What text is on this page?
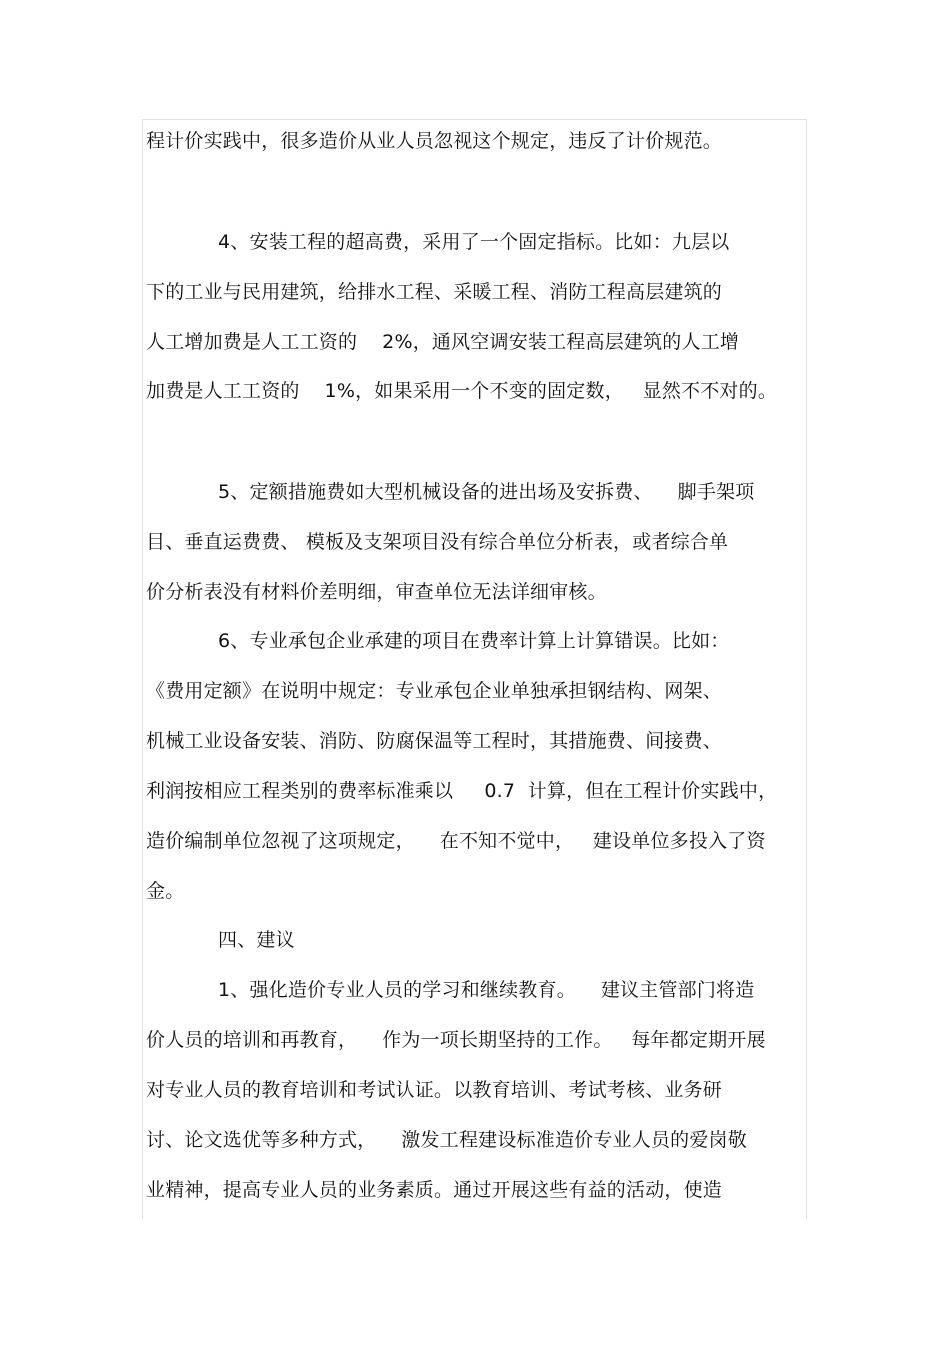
程计价实践中，很多造价从业人员忽视这个规定，违反了计价规范。
4、安装工程的超高费，采用了一个固定指标。比如：九层以
下的工业与民用建筑，给排水工程、采暖工程、消防工程高层建筑的
人工增加费是人工工资的    2%，通风空调安装工程高层建筑的人工增
加费是人工工资的    1%，如果采用一个不变的固定数，   显然不不对的。
5、定额措施费如大型机械设备的进出场及安拆费、    脚手架项
目、垂直运费费、 模板及支架项目没有综合单位分析表，或者综合单
价分析表没有材料价差明细，审查单位无法详细审核。
6、专业承包企业承建的项目在费率计算上计算错误。比如：
《费用定额》在说明中规定：专业承包企业单独承担钢结构、网架、
机械工业设备安装、消防、防腐保温等工程时，其措施费、间接费、
利润按相应工程类别的费率标准乘以     0.7  计算，但在工程计价实践中，
造价编制单位忽视了这项规定，    在不知不觉中，   建设单位多投入了资
金。
四、建议
1、强化造价专业人员的学习和继续教育。    建议主管部门将造
价人员的培训和再教育，    作为一项长期坚持的工作。   每年都定期开展
对专业人员的教育培训和考试认证。以教育培训、考试考核、业务研
讨、论文选优等多种方式，    激发工程建设标准造价专业人员的爱岗敬
业精神，提高专业人员的业务素质。通过开展这些有益的活动，使造
